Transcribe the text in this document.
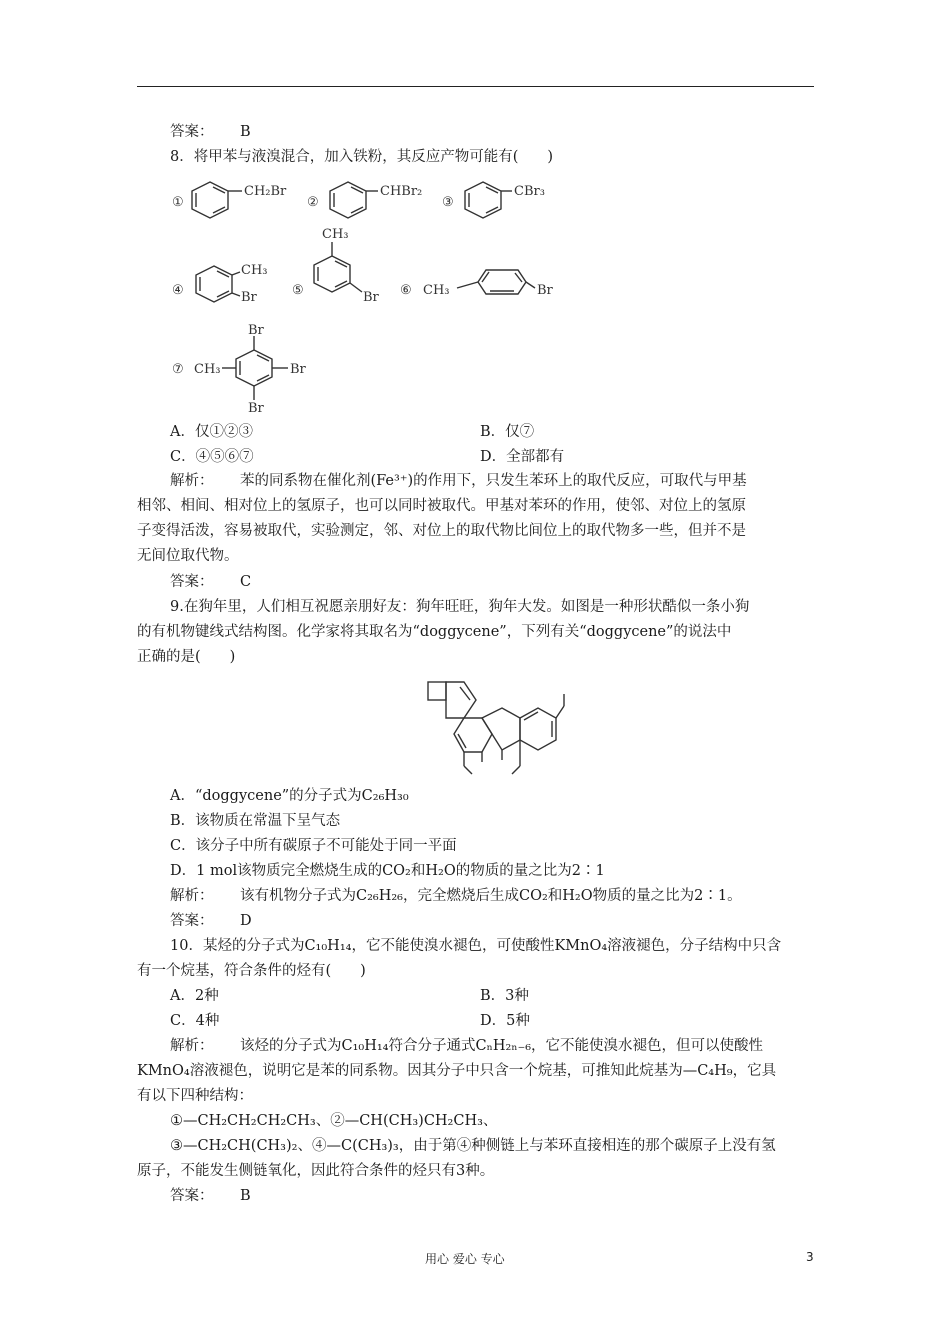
答案： B
8．将甲苯与液溴混合，加入铁粉，其反应产物可能有(　　)
①
CH₂Br
②
CHBr₂
③
CBr₃
④
CH₃
Br	⑤
CH₃
Br ⑥ CH₃	Br
⑦ CH₃
Br
Br
Br
A．仅①②③	B．仅⑦
C．④⑤⑥⑦	D．全部都有
解析： 苯的同系物在催化剂(Fe³⁺)的作用下，只发生苯环上的取代反应，可取代与甲基
相邻、相间、相对位上的氢原子，也可以同时被取代。甲基对苯环的作用，使邻、对位上的氢原
子变得活泼，容易被取代，实验测定，邻、对位上的取代物比间位上的取代物多一些，但并不是
无间位取代物。
答案： C
9.在狗年里，人们相互祝愿亲朋好友：狗年旺旺，狗年大发。如图是一种形状酷似一条小狗
的有机物键线式结构图。化学家将其取名为“doggycene”，下列有关“doggycene”的说法中
正确的是(　　)
A．“doggycene”的分子式为C₂₆H₃₀
B．该物质在常温下呈气态
C．该分子中所有碳原子不可能处于同一平面
D．1 mol该物质完全燃烧生成的CO₂和H₂O的物质的量之比为2∶1
解析： 该有机物分子式为C₂₆H₂₆，完全燃烧后生成CO₂和H₂O物质的量之比为2∶1。
答案： D
10．某烃的分子式为C₁₀H₁₄，它不能使溴水褪色，可使酸性KMnO₄溶液褪色，分子结构中只含
有一个烷基，符合条件的烃有(　　)
A．2种	B．3种
C．4种	D．5种
解析： 该烃的分子式为C₁₀H₁₄符合分子通式CₙH₂ₙ₋₆，它不能使溴水褪色，但可以使酸性
KMnO₄溶液褪色，说明它是苯的同系物。因其分子中只含一个烷基，可推知此烷基为—C₄H₉，它具
有以下四种结构：
①—CH₂CH₂CH₂CH₃、②—CH(CH₃)CH₂CH₃、
③—CH₂CH(CH₃)₂、④—C(CH₃)₃，由于第④种侧链上与苯环直接相连的那个碳原子上没有氢
原子，不能发生侧链氧化，因此符合条件的烃只有3种。
答案： B
用心 爱心 专心	3
